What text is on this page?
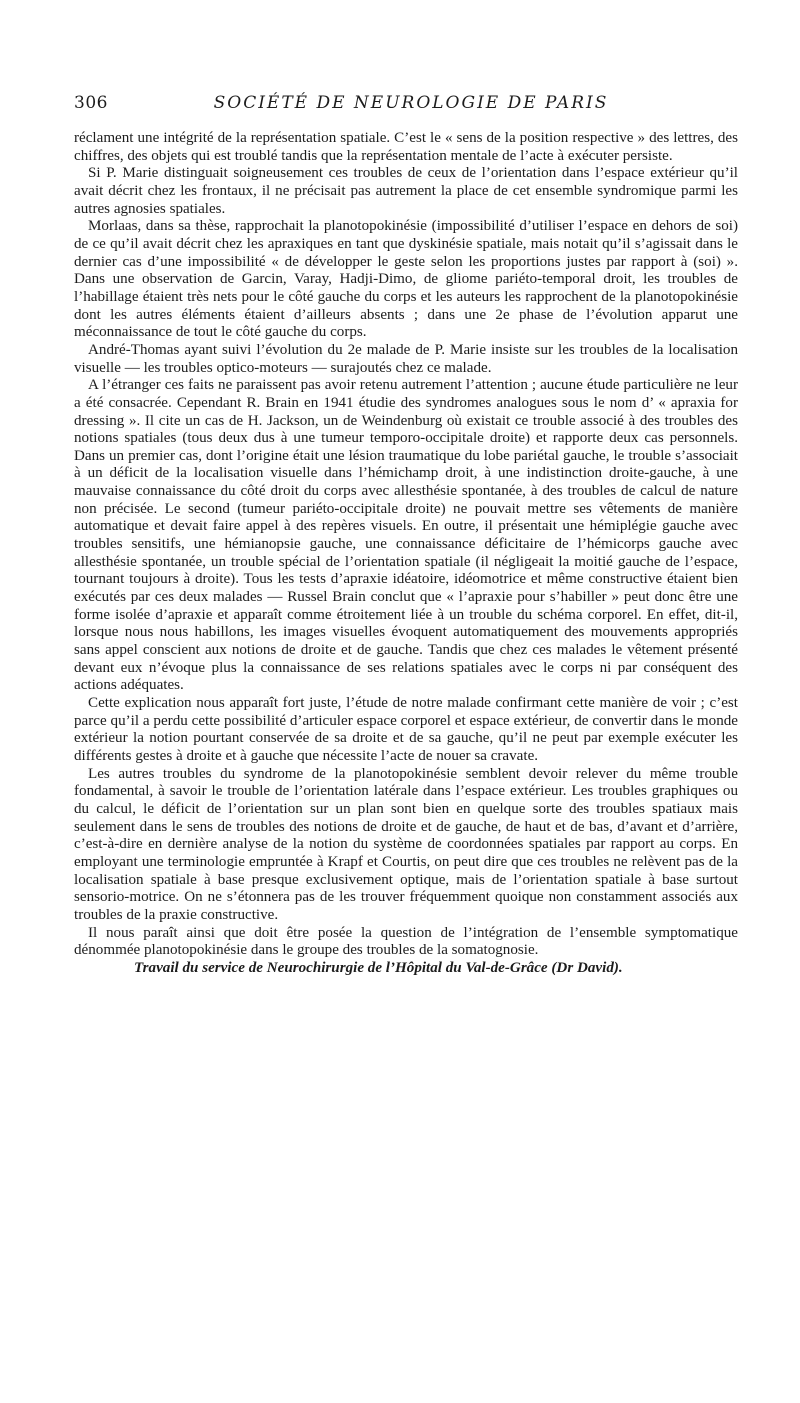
306	SOCIÉTÉ DE NEUROLOGIE DE PARIS

réclament une intégrité de la représentation spatiale. C’est le « sens de la position respective » des lettres, des chiffres, des objets qui est troublé tandis que la représentation mentale de l’acte à exécuter persiste.

Si P. Marie distinguait soigneusement ces troubles de ceux de l’orientation dans l’espace extérieur qu’il avait décrit chez les frontaux, il ne précisait pas autrement la place de cet ensemble syndromique parmi les autres agnosies spatiales.

Morlaas, dans sa thèse, rapprochait la planotopokinésie (impossibilité d’utiliser l’espace en dehors de soi) de ce qu’il avait décrit chez les apraxiques en tant que dyskinésie spatiale, mais notait qu’il s’agissait dans le dernier cas d’une impossibilité « de développer le geste selon les proportions justes par rapport à (soi) ». Dans une observation de Garcin, Varay, Hadji-Dimo, de gliome pariéto-temporal droit, les troubles de l’habillage étaient très nets pour le côté gauche du corps et les auteurs les rapprochent de la planotopokinésie dont les autres éléments étaient d’ailleurs absents ; dans une 2e phase de l’évolution apparut une méconnaissance de tout le côté gauche du corps.

André-Thomas ayant suivi l’évolution du 2e malade de P. Marie insiste sur les troubles de la localisation visuelle — les troubles optico-moteurs — surajoutés chez ce malade.

A l’étranger ces faits ne paraissent pas avoir retenu autrement l’attention ; aucune étude particulière ne leur a été consacrée. Cependant R. Brain en 1941 étudie des syndromes analogues sous le nom d’ « apraxia for dressing ». Il cite un cas de H. Jackson, un de Weindenburg où existait ce trouble associé à des troubles des notions spatiales (tous deux dus à une tumeur temporo-occipitale droite) et rapporte deux cas personnels. Dans un premier cas, dont l’origine était une lésion traumatique du lobe pariétal gauche, le trouble s’associait à un déficit de la localisation visuelle dans l’hémichamp droit, à une indistinction droite-gauche, à une mauvaise connaissance du côté droit du corps avec allesthésie spontanée, à des troubles de calcul de nature non précisée. Le second (tumeur pariéto-occipitale droite) ne pouvait mettre ses vêtements de manière automatique et devait faire appel à des repères visuels. En outre, il présentait une hémiplégie gauche avec troubles sensitifs, une hémianopsie gauche, une connaissance déficitaire de l’hémicorps gauche avec allesthésie spontanée, un trouble spécial de l’orientation spatiale (il négligeait la moitié gauche de l’espace, tournant toujours à droite). Tous les tests d’apraxie idéatoire, idéomotrice et même constructive étaient bien exécutés par ces deux malades — Russel Brain conclut que « l’apraxie pour s’habiller » peut donc être une forme isolée d’apraxie et apparaît comme étroitement liée à un trouble du schéma corporel. En effet, dit-il, lorsque nous nous habillons, les images visuelles évoquent automatiquement des mouvements appropriés sans appel conscient aux notions de droite et de gauche. Tandis que chez ces malades le vêtement présenté devant eux n’évoque plus la connaissance de ses relations spatiales avec le corps ni par conséquent des actions adéquates.

Cette explication nous apparaît fort juste, l’étude de notre malade confirmant cette manière de voir ; c’est parce qu’il a perdu cette possibilité d’articuler espace corporel et espace extérieur, de convertir dans le monde extérieur la notion pourtant conservée de sa droite et de sa gauche, qu’il ne peut par exemple exécuter les différents gestes à droite et à gauche que nécessite l’acte de nouer sa cravate.

Les autres troubles du syndrome de la planotopokinésie semblent devoir relever du même trouble fondamental, à savoir le trouble de l’orientation latérale dans l’espace extérieur. Les troubles graphiques ou du calcul, le déficit de l’orientation sur un plan sont bien en quelque sorte des troubles spatiaux mais seulement dans le sens de troubles des notions de droite et de gauche, de haut et de bas, d’avant et d’arrière, c’est-à-dire en dernière analyse de la notion du système de coordonnées spatiales par rapport au corps. En employant une terminologie empruntée à Krapf et Courtis, on peut dire que ces troubles ne relèvent pas de la localisation spatiale à base presque exclusivement optique, mais de l’orientation spatiale à base surtout sensorio-motrice. On ne s’étonnera pas de les trouver fréquemment quoique non constamment associés aux troubles de la praxie constructive.

Il nous paraît ainsi que doit être posée la question de l’intégration de l’ensemble symptomatique dénommée planotopokinésie dans le groupe des troubles de la somatognosie.

Travail du service de Neurochirurgie de l’Hôpital du Val-de-Grâce (Dr David).
